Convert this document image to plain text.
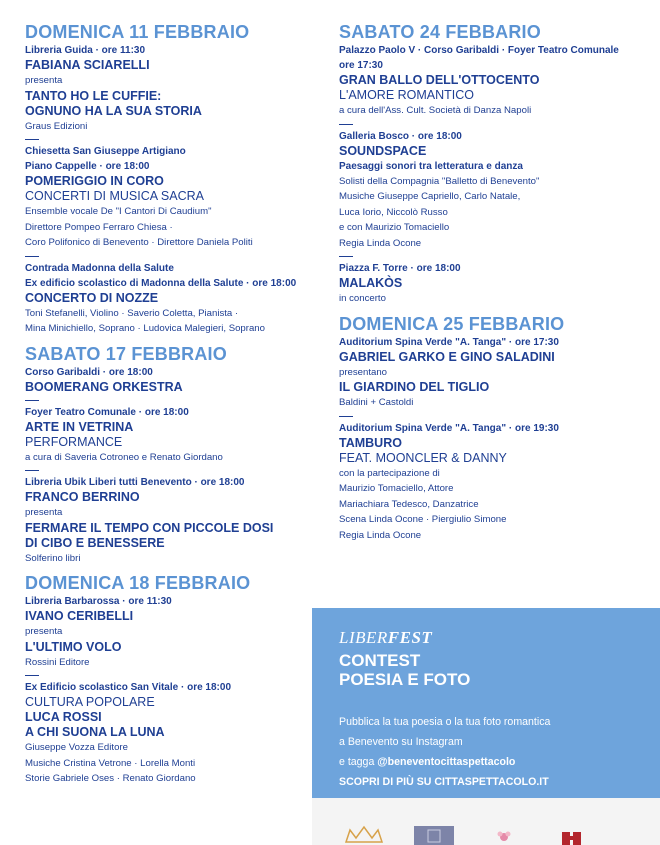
DOMENICA 11 FEBBRAIO
Libreria Guida · ore 11:30
FABIANA SCIARELLI
presenta
TANTO HO LE CUFFIE:
OGNUNO HA LA SUA STORIA
Graus Edizioni
Chiesetta San Giuseppe Artigiano
Piano Cappelle · ore 18:00
POMERIGGIO IN CORO
CONCERTI DI MUSICA SACRA
Ensemble vocale De "I Cantori Di Caudium"
Direttore Pompeo Ferraro Chiesa ·
Coro Polifonico di Benevento · Direttore Daniela Politi
Contrada Madonna della Salute
Ex edificio scolastico di Madonna della Salute · ore 18:00
CONCERTO DI NOZZE
Toni Stefanelli, Violino · Saverio Coletta, Pianista ·
Mina Minichiello, Soprano · Ludovica Malegieri, Soprano
SABATO 17 FEBBRAIO
Corso Garibaldi · ore 18:00
BOOMERANG ORKESTRA
Foyer Teatro Comunale · ore 18:00
ARTE IN VETRINA
PERFORMANCE
a cura di Saveria Cotroneo e Renato Giordano
Libreria Ubik Liberi tutti Benevento · ore 18:00
FRANCO BERRINO
presenta
FERMARE IL TEMPO CON PICCOLE DOSI
DI CIBO E BENESSERE
Solferino libri
DOMENICA 18 FEBBRAIO
Libreria Barbarossa · ore 11:30
IVANO CERIBELLI
presenta
L'ULTIMO VOLO
Rossini Editore
Ex Edificio scolastico San Vitale · ore 18:00
CULTURA POPOLARE
LUCA ROSSI
A CHI SUONA LA LUNA
Giuseppe Vozza Editore
Musiche Cristina Vetrone · Lorella Monti
Storie Gabriele Oses · Renato Giordano
SABATO 24 FEBBARIO
Palazzo Paolo V · Corso Garibaldi · Foyer Teatro Comunale
ore 17:30
GRAN BALLO DELL'OTTOCENTO
L'AMORE ROMANTICO
a cura dell'Ass. Cult. Società di Danza Napoli
Galleria Bosco · ore 18:00
SOUNDSPACE
Paesaggi sonori tra letteratura e danza
Solisti della Compagnia "Balletto di Benevento"
Musiche Giuseppe Capriello, Carlo Natale,
Luca Iorio, Niccolò Russo
e con Maurizio Tomaciello
Regia Linda Ocone
Piazza F. Torre · ore 18:00
MALAKÒS
in concerto
DOMENICA 25 FEBBARIO
Auditorium Spina Verde "A. Tanga" · ore 17:30
GABRIEL GARKO E GINO SALADINI
presentano
IL GIARDINO DEL TIGLIO
Baldini + Castoldi
Auditorium Spina Verde "A. Tanga" · ore 19:30
TAMBURO
FEAT. MOONCLER & DANNY
con la partecipazione di
Maurizio Tomaciello, Attore
Mariachiara Tedesco, Danzatrice
Scena Linda Ocone · Piergiulio Simone
Regia Linda Ocone
LIBERFEST
CONTEST
POESIA E FOTO
Pubblica la tua poesia o la tua foto romantica
a Benevento su Instagram
e tagga @beneventocittaspettacolo
SCOPRI DI PIÙ SU CITTASPETTACOLO.IT
